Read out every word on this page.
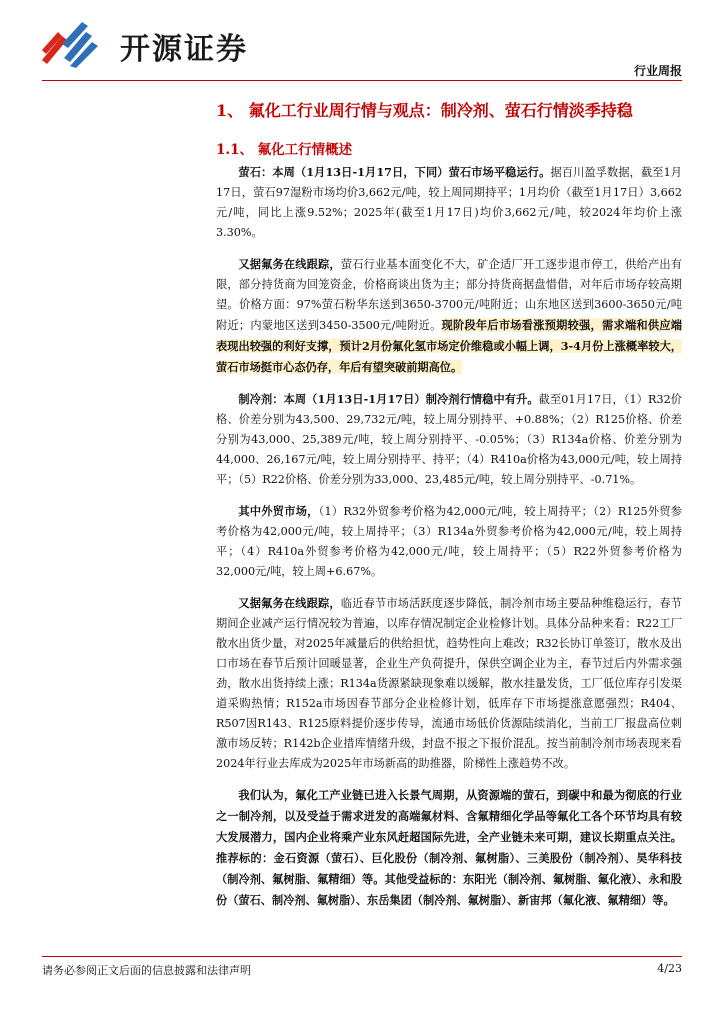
开源证券
行业周报
1、 氟化工行业周行情与观点：制冷剂、萤石行情淡季持稳
1.1、 氟化工行情概述

萤石：本周（1月13日-1月17日，下同）萤石市场平稳运行。据百川盈孚数据，截至1月17日，萤石97湿粉市场均价3,662元/吨，较上周同期持平；1月均价（截至1月17日）3,662元/吨，同比上涨9.52%；2025年(截至1月17日)均价3,662元/吨，较2024年均价上涨3.30%。

又据氟务在线跟踪，萤石行业基本面变化不大，矿企适厂开工逐步退市停工，供给产出有限，部分持货商为回笼资金，价格商谈出货为主；部分持货商据盘惜借，对年后市场存较高期望。价格方面：97%萤石粉华东送到3650-3700元/吨附近；山东地区送到3600-3650元/吨附近；内蒙地区送到3450-3500元/吨附近。现阶段年后市场看涨预期较强，需求端和供应端表现出较强的利好支撑，预计2月份氟化氢市场定价维稳或小幅上调，3-4月份上涨概率较大，萤石市场挺市心态仍存，年后有望突破前期高位。

制冷剂：本周（1月13日-1月17日）制冷剂行情稳中有升。截至01月17日，（1）R32价格、价差分别为43,500、29,732元/吨，较上周分别持平、+0.88%；（2）R125价格、价差分别为43,000、25,389元/吨，较上周分别持平、-0.05%；（3）R134a价格、价差分别为44,000、26,167元/吨，较上周分别持平、持平；（4）R410a价格为43,000元/吨，较上周持平；（5）R22价格、价差分别为33,000、23,485元/吨，较上周分别持平、-0.71%。

其中外贸市场，（1）R32外贸参考价格为42,000元/吨，较上周持平；（2）R125外贸参考价格为42,000元/吨，较上周持平；（3）R134a外贸参考价格为42,000元/吨，较上周持平；（4）R410a外贸参考价格为42,000元/吨，较上周持平；（5）R22外贸参考价格为32,000元/吨，较上周+6.67%。

又据氟务在线跟踪，临近春节市场活跃度逐步降低，制冷剂市场主要品种维稳运行，春节期间企业减产运行情况较为普遍，以库存情况制定企业检修计划。具体分品种来看：R22工厂散水出货少量，对2025年减量后的供给担忧，趋势性向上难改；R32长协订单签订，散水及出口市场在春节后预计回暖显著，企业生产负荷提升，保供空调企业为主，春节过后内外需求强劲，散水出货持续上涨；R134a货源紧缺现象难以缓解，散水挂量发货，工厂低位库存引发渠道采购热情；R152a市场因春节部分企业检修计划，低库存下市场提涨意愿强烈；R404、R507因R143、R125原料提价逐步传导，流通市场低价货源陆续消化，当前工厂报盘高位刺激市场反转；R142b企业措库情绪升级，封盘不报之下报价混乱。按当前制冷剂市场表现来看2024年行业去库成为2025年市场新高的助推器，阶梯性上涨趋势不改。

我们认为，氟化工产业链已进入长景气周期，从资源端的萤石，到碳中和最为彻底的行业之一制冷剂，以及受益于需求迸发的高端氟材料、含氟精细化学品等氟化工各个环节均具有较大发展潜力，国内企业将乘产业东风赶超国际先进，全产业链未来可期，建议长期重点关注。推荐标的：金石资源（萤石）、巨化股份（制冷剂、氟树脂）、三美股份（制冷剂）、昊华科技（制冷剂、氟树脂、氟精细）等。其他受益标的：东阳光（制冷剂、氟树脂、氟化液）、永和股份（萤石、制冷剂、氟树脂）、东岳集团（制冷剂、氟树脂）、新宙邦（氟化液、氟精细）等。

请务必参阅正文后面的信息披露和法律声明	4/23
